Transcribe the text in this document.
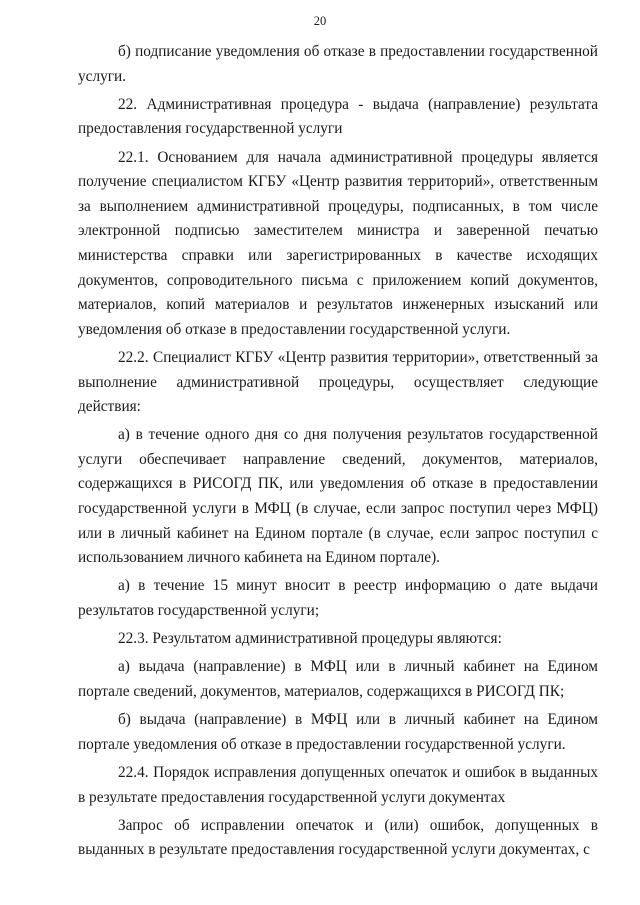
20

б) подписание уведомления об отказе в предоставлении государственной услуги.

22. Административная процедура - выдача (направление) результата предоставления государственной услуги

22.1. Основанием для начала административной процедуры является получение специалистом КГБУ «Центр развития территорий», ответственным за выполнением административной процедуры, подписанных, в том числе электронной подписью заместителем министра и заверенной печатью министерства справки или зарегистрированных в качестве исходящих документов, сопроводительного письма с приложением копий документов, материалов, копий материалов и результатов инженерных изысканий или уведомления об отказе в предоставлении государственной услуги.

22.2. Специалист КГБУ «Центр развития территории», ответственный за выполнение административной процедуры, осуществляет следующие действия:

а) в течение одного дня со дня получения результатов государственной услуги обеспечивает направление сведений, документов, материалов, содержащихся в РИСОГД ПК, или уведомления об отказе в предоставлении государственной услуги в МФЦ (в случае, если запрос поступил через МФЦ) или в личный кабинет на Едином портале (в случае, если запрос поступил с использованием личного кабинета на Едином портале).

а) в течение 15 минут вносит в реестр информацию о дате выдачи результатов государственной услуги;

22.3. Результатом административной процедуры являются:

а) выдача (направление) в МФЦ или в личный кабинет на Едином портале сведений, документов, материалов, содержащихся в РИСОГД ПК;

б) выдача (направление) в МФЦ или в личный кабинет на Едином портале уведомления об отказе в предоставлении государственной услуги.

22.4. Порядок исправления допущенных опечаток и ошибок в выданных в результате предоставления государственной услуги документах

Запрос об исправлении опечаток и (или) ошибок, допущенных в выданных в результате предоставления государственной услуги документах, с
